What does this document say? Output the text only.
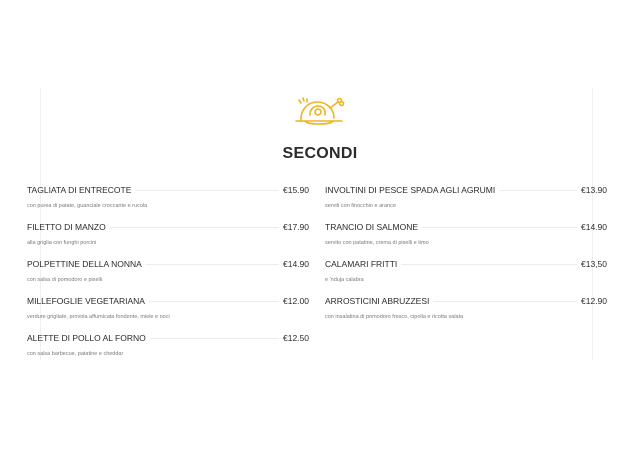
SECONDI
TAGLIATA DI ENTRECOTE	€15.90
con purea di patate, guanciale croccante e rucola
FILETTO DI MANZO	€17.90
alla griglia con funghi porcini
POLPETTINE DELLA NONNA	€14.90
con salsa di pomodoro e piselli
MILLEFOGLIE VEGETARIANA	€12.00
verdure grigliate, provola affumicata fondente, miele e noci
ALETTE DI POLLO AL FORNO	€12.50
con salsa barbecue, patatine e cheddar
INVOLTINI DI PESCE SPADA AGLI AGRUMI	€13.90
serviti con finocchio e arance
TRANCIO DI SALMONE	€14.90
servito con patatine, crema di piselli e timo
CALAMARI FRITTI	€13,50
e 'nduja calabra
ARROSTICINI ABRUZZESI	€12.90
con insalatina di pomodoro fresco, cipolla e ricotta salata
